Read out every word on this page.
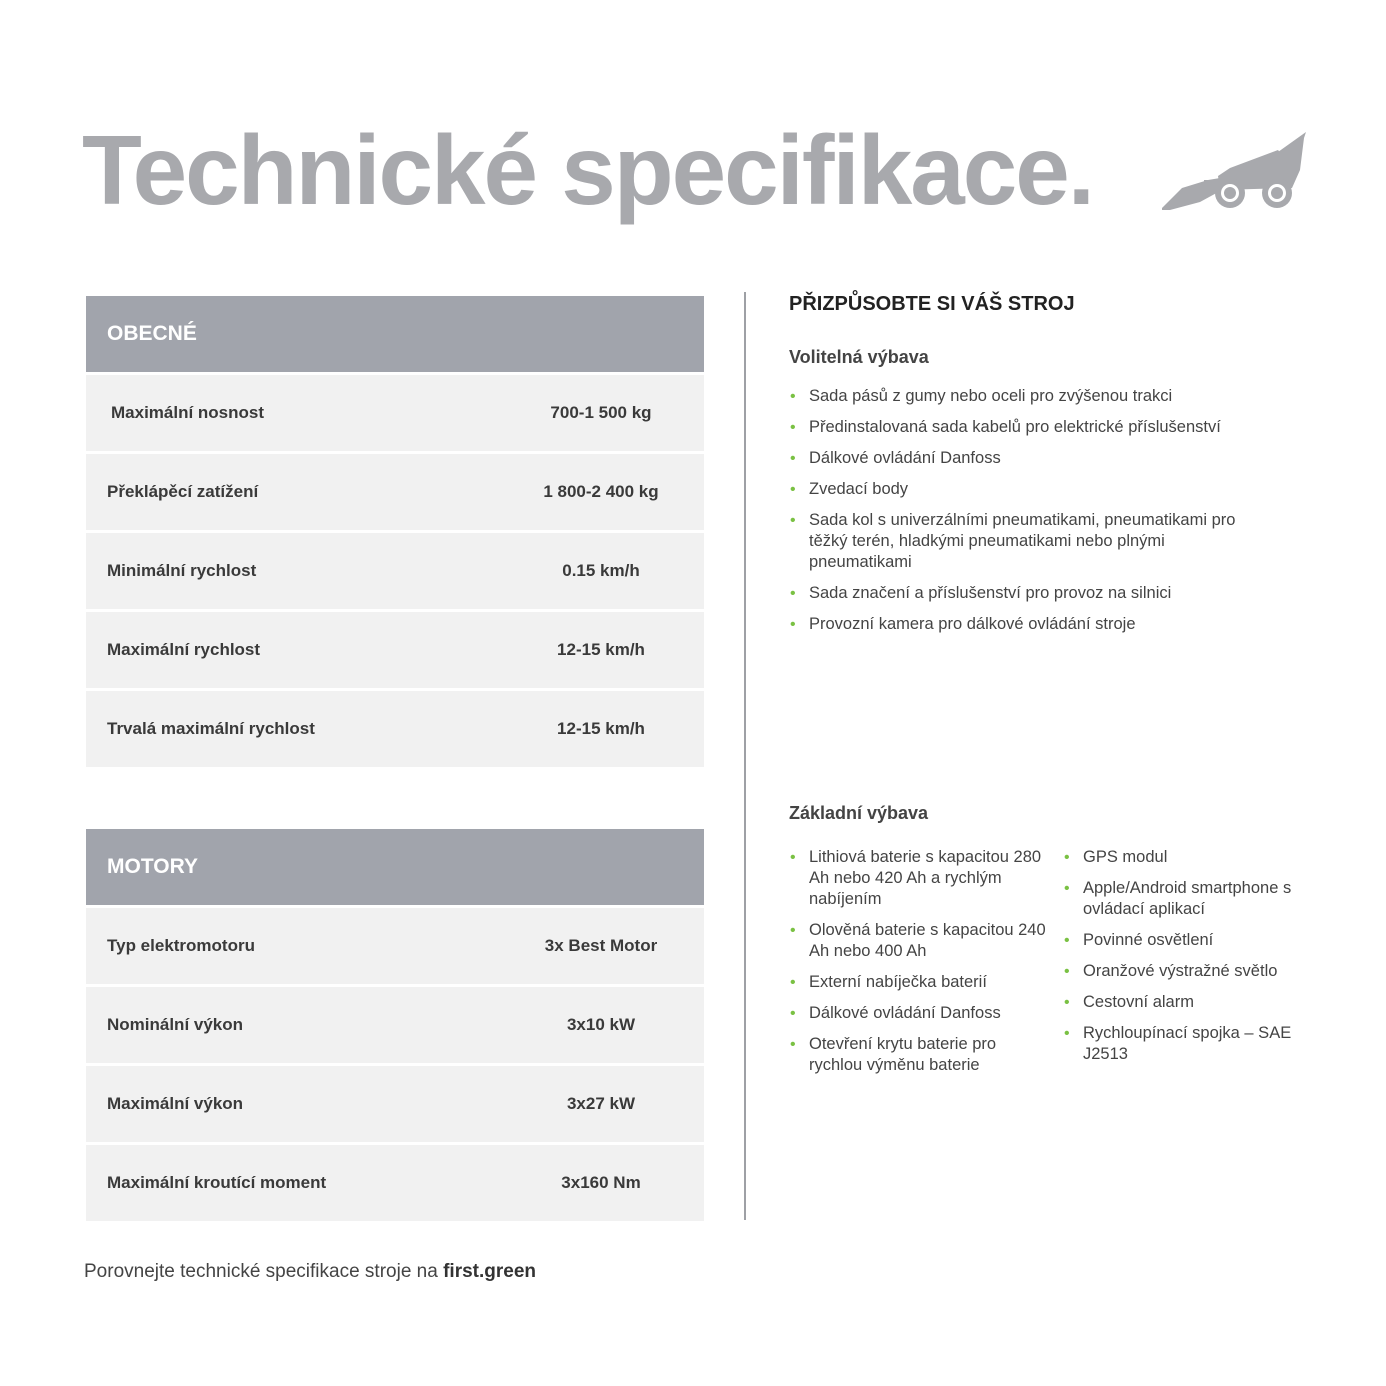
Technické specifikace.
OBECNÉ
Maximální nosnost	700-1 500 kg
Překlápěcí zatížení	1 800-2 400 kg
Minimální rychlost	0.15 km/h
Maximální rychlost	12-15 km/h
Trvalá maximální rychlost	12-15 km/h
MOTORY
Typ elektromotoru	3x Best Motor
Nominální výkon	3x10 kW
Maximální výkon	3x27 kW
Maximální kroutící moment	3x160 Nm
PŘIZPŮSOBTE SI VÁŠ STROJ
Volitelná výbava
• Sada pásů z gumy nebo oceli pro zvýšenou trakci
• Předinstalovaná sada kabelů pro elektrické příslušenství
• Dálkové ovládání Danfoss
• Zvedací body
• Sada kol s univerzálními pneumatikami, pneumatikami pro těžký terén, hladkými pneumatikami nebo plnými pneumatikami
• Sada značení a příslušenství pro provoz na silnici
• Provozní kamera pro dálkové ovládání stroje
Základní výbava
• Lithiová baterie s kapacitou 280 Ah nebo 420 Ah a rychlým nabíjením
• Olověná baterie s kapacitou 240 Ah nebo 400 Ah
• Externí nabíječka baterií
• Dálkové ovládání Danfoss
• Otevření krytu baterie pro rychlou výměnu baterie
• GPS modul
• Apple/Android smartphone s ovládací aplikací
• Povinné osvětlení
• Oranžové výstražné světlo
• Cestovní alarm
• Rychloupínací spojka – SAE J2513

Porovnejte technické specifikace stroje na first.green
